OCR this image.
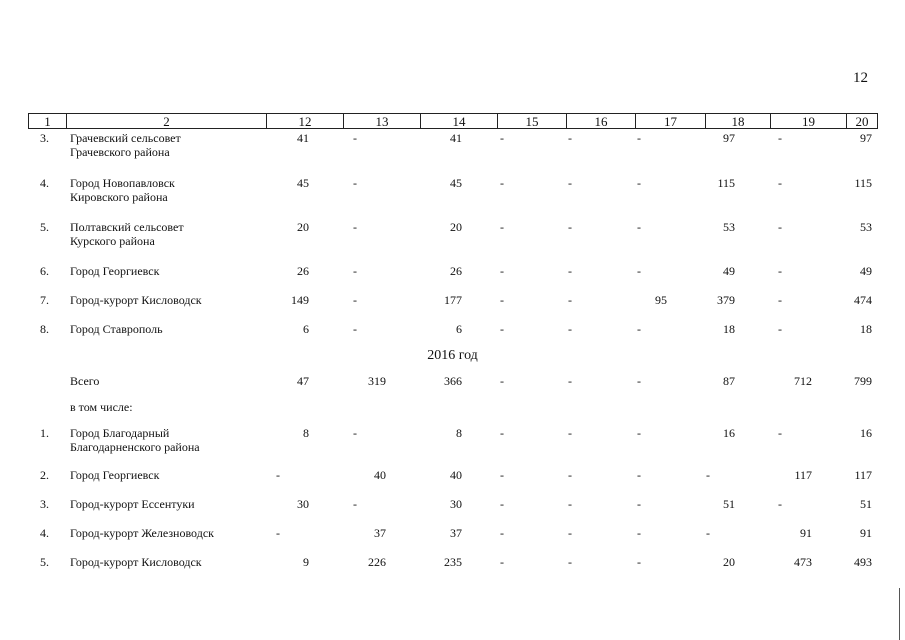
12
1	2	12	13	14	15	16	17	18	19	20
3. Грачевский сельсовет
Грачевского района
41	-	41	-	-	-	97	-	97
4. Город Новопавловск
Кировского района
45	-	45	-	-	-	115	-	115
5. Полтавский сельсовет
Курского района
20	-	20	-	-	-	53	-	53
6. Город Георгиевск	26	-	26	-	-	-	49	-	49
7. Город-курорт Кисловодск	149	-	177	-	-	95	379	-	474
8. Город Ставрополь	6	-	6	-	-	-	18	-	18
2016 год
Всего	47	319	366	-	-	-	87	712	799
в том числе:
1. Город Благодарный
Благодарненского района
8	-	8	-	-	-	16	-	16
2. Город Георгиевск	-	40	40	-	-	-	-	117	117
3. Город-курорт Ессентуки	30	-	30	-	-	-	51	-	51
4. Город-курорт Железноводск	-	37	37	-	-	-	-	91	91
5. Город-курорт Кисловодск	9	226	235	-	-	-	20	473	493
